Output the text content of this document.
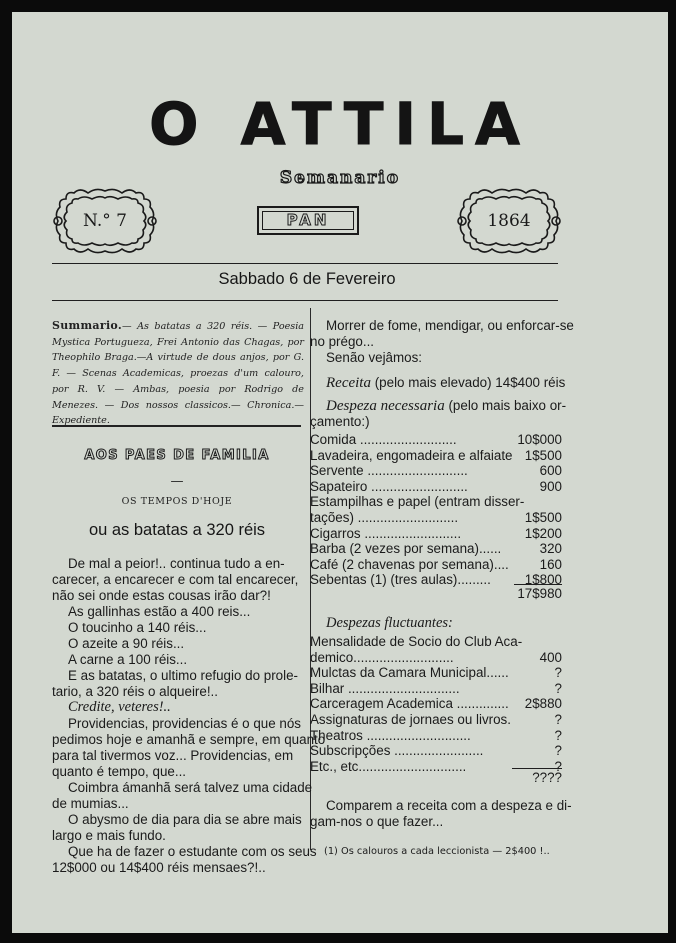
O ATTILA
Semanario
N.° 7	PAN	1864
Sabbado 6 de Fevereiro
Summario.— As batatas a 320 réis. — Poesia Mystica Portugueza, Frei Antonio das Chagas, por Theophilo Braga.—A virtude de dous anjos, por G. F. — Scenas Academicas, proezas d'um calouro, por R. V. — Ambas, poesia por Rodrigo de Menezes. — Dos nossos classicos.— Chronica.— Expediente.
AOS PAES DE FAMILIA
—
OS TEMPOS D'HOJE
ou as batatas a 320 réis
De mal a peior!.. continua tudo a en-
carecer, a encarecer e com tal encarecer,
não sei onde estas cousas irão dar?!
As gallinhas estão a 400 reis...
O toucinho a 140 réis...
O azeite a 90 réis...
A carne a 100 réis...
E as batatas, o ultimo refugio do prole-
tario, a 320 réis o alqueire!..
Credite, veteres!..
Providencias, providencias é o que nós
pedimos hoje e amanhã e sempre, em quanto
para tal tivermos voz... Providencias, em
quanto é tempo, que...
Coimbra ámanhã será talvez uma cidade
de mumias...
O abysmo de dia para dia se abre mais
largo e mais fundo.
Que ha de fazer o estudante com os seus
12$000 ou 14$400 réis mensaes?!..
Morrer de fome, mendigar, ou enforcar-se
no prégo...
Senão vejâmos:
Receita (pelo mais elevado) 14$400 réis
Despeza necessaria (pelo mais baixo or-
çamento:)
Comida ..........................	10$000
Lavadeira, engomadeira e alfaiate 1$500
Servente ...........................	600
Sapateiro ..........................	900
Estampilhas e papel (entram disser-
tações) ...........................	1$500
Cigarros ..........................	1$200
Barba (2 vezes por semana)......	320
Café (2 chavenas por semana).... 160
Sebentas (1) (tres aulas).........	1$800
17$980
Despezas fluctuantes:
Mensalidade de Socio do Club Aca-
demico...........................	400
Mulctas da Camara Municipal......	?
Bilhar ..............................	?
Carceragem Academica .............. 2$880
Assignaturas de jornaes ou livros.	?
Theatros ............................	?
Subscripções ........................	?
Etc., etc.............................	?
????
Comparem a receita com a despeza e di-
gam-nos o que fazer...
(1) Os calouros a cada leccionista — 2$400 !..
